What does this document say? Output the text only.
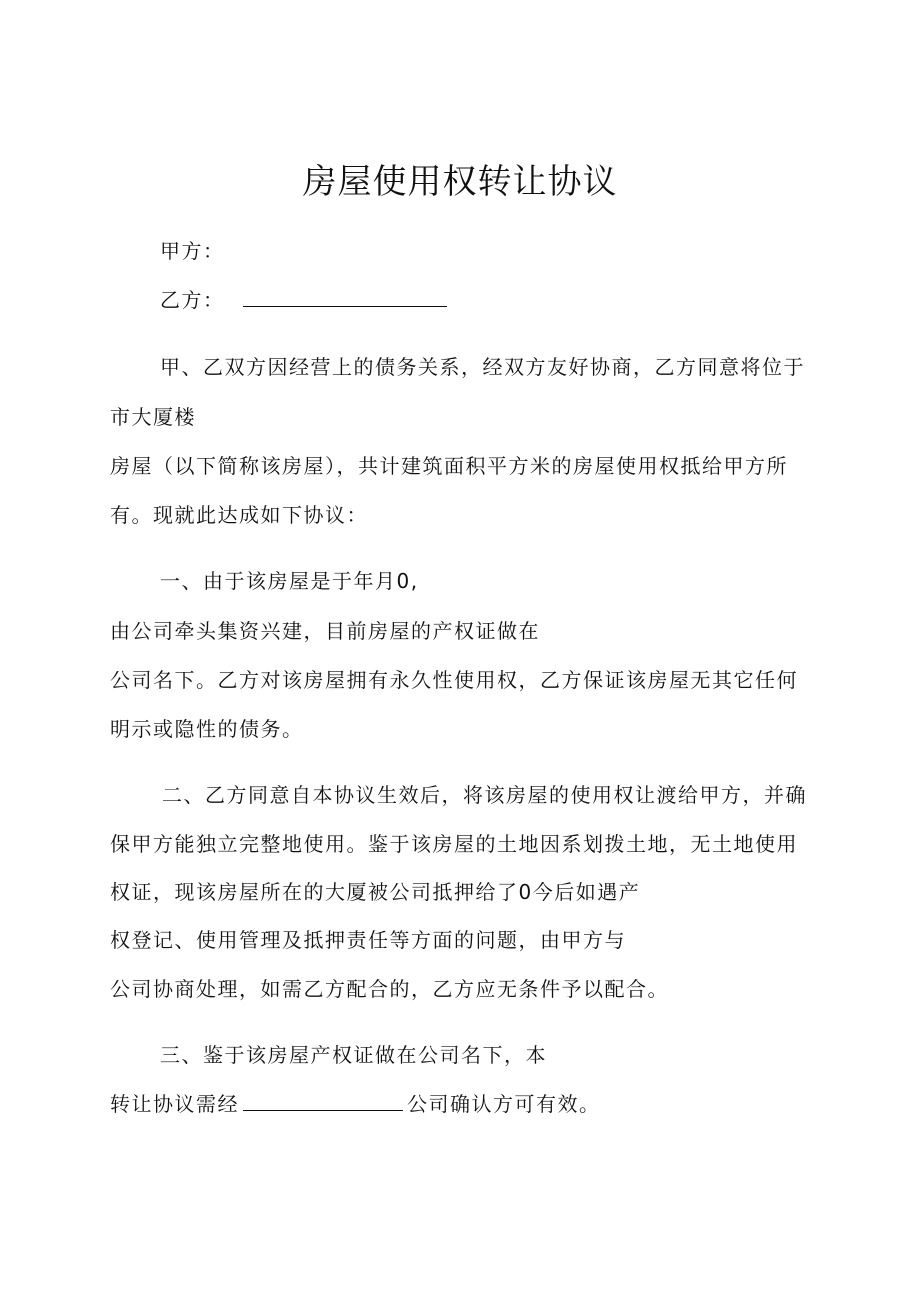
房屋使用权转让协议
甲方：
乙方：
甲、乙双方因经营上的债务关系，经双方友好协商，乙方同意将位于
市大厦楼
房屋（以下简称该房屋），共计建筑面积平方米的房屋使用权抵给甲方所
有。现就此达成如下协议：
一、由于该房屋是于年月0,
由公司牵头集资兴建，目前房屋的产权证做在
公司名下。乙方对该房屋拥有永久性使用权，乙方保证该房屋无其它任何
明示或隐性的债务。
二、乙方同意自本协议生效后，将该房屋的使用权让渡给甲方，并确
保甲方能独立完整地使用。鉴于该房屋的土地因系划拨土地，无土地使用
权证，现该房屋所在的大厦被公司抵押给了0今后如遇产
权登记、使用管理及抵押责任等方面的问题，由甲方与
公司协商处理，如需乙方配合的，乙方应无条件予以配合。
三、鉴于该房屋产权证做在公司名下，本
转让协议需经	公司确认方可有效。
